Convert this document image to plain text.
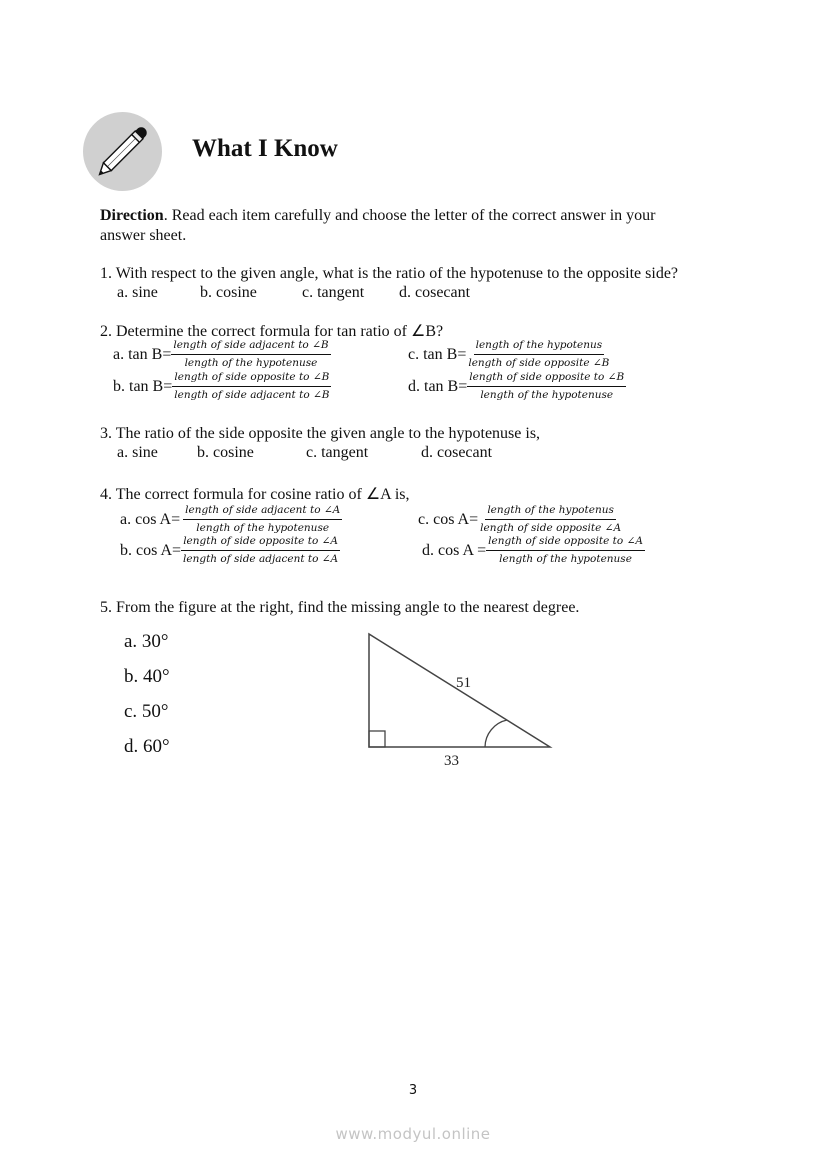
What I Know
Direction. Read each item carefully and choose the letter of the correct answer in your
answer sheet.
1. With respect to the given angle, what is the ratio of the hypotenuse to the opposite side?
a. sine	b. cosine	c. tangent d. cosecant
2. Determine the correct formula for tan ratio of ∠B?
a. $\tan B= \frac{\text{length of side adjacent to ∠B}}{\text{length of the hypotenuse}}$
b. $\tan B= \frac{\text{length of side opposite to ∠B}}{\text{length of side adjacent to ∠B}}$
c. $\tan B= \frac{\text{length of the hypotenus}}{\text{length of side opposite ∠B}}$
d. $\tan B= \frac{\text{length of side opposite to ∠B}}{\text{length of the hypotenuse}}$
3. The ratio of the side opposite the given angle to the hypotenuse is,
a. sine b. cosine	c. tangent	d. cosecant
4. The correct formula for cosine ratio of ∠A is,
a. $\cos A= \frac{\text{length of side adjacent to ∠A}}{\text{length of the hypotenuse}}$
b. $\cos A= \frac{\text{length of side opposite to ∠A}}{\text{length of side adjacent to ∠A}}$
c. $\cos A= \frac{\text{length of the hypotenus}}{\text{length of side opposite ∠A}}$
d. $\cos A = \frac{\text{length of side opposite to ∠A}}{\text{length of the hypotenuse}}$
5. From the figure at the right, find the missing angle to the nearest degree.
a. 30°
b. 40°
c. 50°
d. 60°
51
33
3
www.modyul.online
